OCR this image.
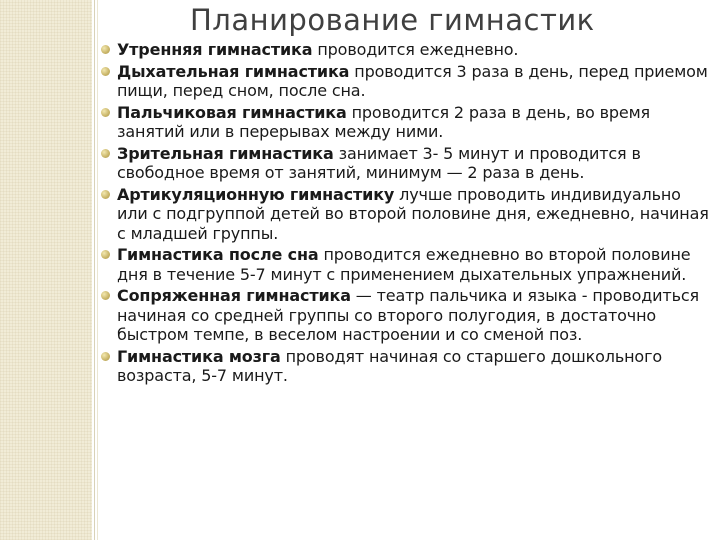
Планирование гимнастик
Утренняя гимнастика проводится ежедневно.
Дыхательная гимнастика проводится 3 раза в день, перед приемом пищи, перед сном, после сна.
Пальчиковая гимнастика проводится 2 раза в день, во время занятий или в перерывах между ними.
Зрительная гимнастика занимает 3- 5 минут и проводится в свободное время от занятий, минимум — 2 раза в день.
Артикуляционную гимнастику лучше проводить индивидуально или с подгруппой детей во второй половине дня, ежедневно, начиная с младшей группы.
Гимнастика после сна проводится ежедневно во второй половине дня в течение 5-7 минут с применением дыхательных упражнений.
Сопряженная гимнастика — театр пальчика и языка - проводиться начиная со средней группы со второго полугодия, в достаточно быстром темпе, в веселом настроении и со сменой поз.
Гимнастика мозга проводят начиная со старшего дошкольного возраста, 5-7 минут.
